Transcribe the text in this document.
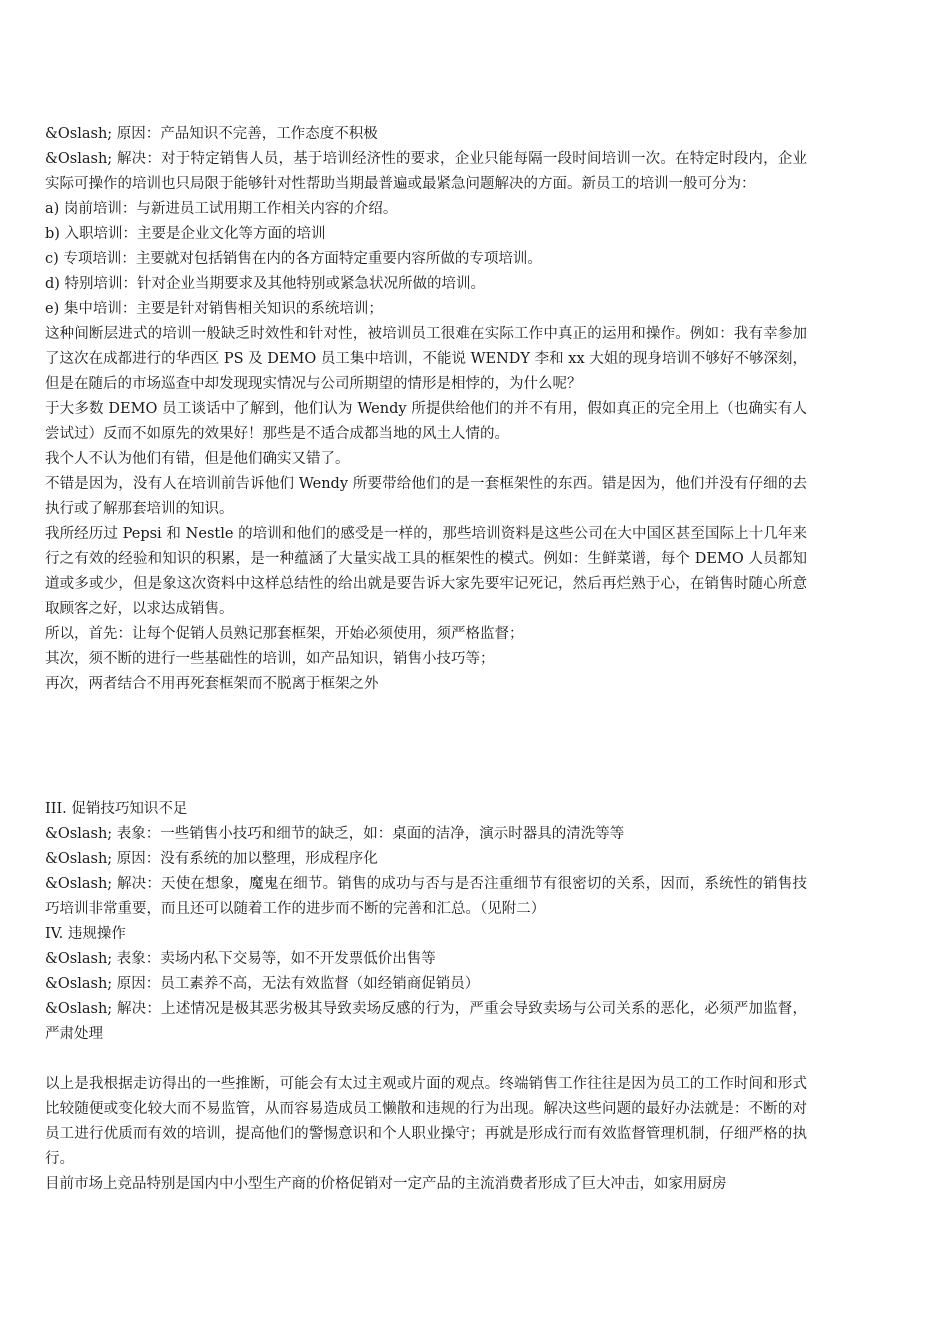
&Oslash; 原因：产品知识不完善，工作态度不积极

&Oslash; 解决：对于特定销售人员，基于培训经济性的要求，企业只能每隔一段时间培训一次。在特定时段内，企业实际可操作的培训也只局限于能够针对性帮助当期最普遍或最紧急问题解决的方面。新员工的培训一般可分为：

a) 岗前培训：与新进员工试用期工作相关内容的介绍。

b) 入职培训：主要是企业文化等方面的培训

c) 专项培训：主要就对包括销售在内的各方面特定重要内容所做的专项培训。

d) 特别培训：针对企业当期要求及其他特别或紧急状况所做的培训。

e) 集中培训：主要是针对销售相关知识的系统培训；

这种间断层进式的培训一般缺乏时效性和针对性，被培训员工很难在实际工作中真正的运用和操作。例如：我有幸参加了这次在成都进行的华西区 PS 及 DEMO 员工集中培训，不能说 WENDY 李和 xx 大姐的现身培训不够好不够深刻，但是在随后的市场巡查中却发现现实情况与公司所期望的情形是相悖的，为什么呢？

于大多数 DEMO 员工谈话中了解到，他们认为 Wendy 所提供给他们的并不有用，假如真正的完全用上（也确实有人尝试过）反而不如原先的效果好！那些是不适合成都当地的风土人情的。

我个人不认为他们有错，但是他们确实又错了。

不错是因为，没有人在培训前告诉他们 Wendy 所要带给他们的是一套框架性的东西。错是因为，他们并没有仔细的去执行或了解那套培训的知识。

我所经历过 Pepsi 和 Nestle 的培训和他们的感受是一样的，那些培训资料是这些公司在大中国区甚至国际上十几年来行之有效的经验和知识的积累，是一种蕴涵了大量实战工具的框架性的模式。例如：生鲜菜谱，每个 DEMO 人员都知道或多或少，但是象这次资料中这样总结性的给出就是要告诉大家先要牢记死记，然后再烂熟于心，在销售时随心所意取顾客之好，以求达成销售。

所以，首先：让每个促销人员熟记那套框架，开始必须使用，须严格监督；

其次，须不断的进行一些基础性的培训，如产品知识，销售小技巧等；

再次，两者结合不用再死套框架而不脱离于框架之外

III. 促销技巧知识不足

&Oslash; 表象：一些销售小技巧和细节的缺乏，如：桌面的洁净，演示时器具的清洗等等

&Oslash; 原因：没有系统的加以整理，形成程序化

&Oslash; 解决：天使在想象，魔鬼在细节。销售的成功与否与是否注重细节有很密切的关系，因而，系统性的销售技巧培训非常重要，而且还可以随着工作的进步而不断的完善和汇总。（见附二）

IV. 违规操作

&Oslash; 表象：卖场内私下交易等，如不开发票低价出售等

&Oslash; 原因：员工素养不高，无法有效监督（如经销商促销员）

&Oslash; 解决：上述情况是极其恶劣极其导致卖场反感的行为，严重会导致卖场与公司关系的恶化，必须严加监督，严肃处理

以上是我根据走访得出的一些推断，可能会有太过主观或片面的观点。终端销售工作往往是因为员工的工作时间和形式比较随便或变化较大而不易监管，从而容易造成员工懒散和违规的行为出现。解决这些问题的最好办法就是：不断的对员工进行优质而有效的培训，提高他们的警惕意识和个人职业操守；再就是形成行而有效监督管理机制，仔细严格的执行。

目前市场上竞品特别是国内中小型生产商的价格促销对一定产品的主流消费者形成了巨大冲击，如家用厨房
